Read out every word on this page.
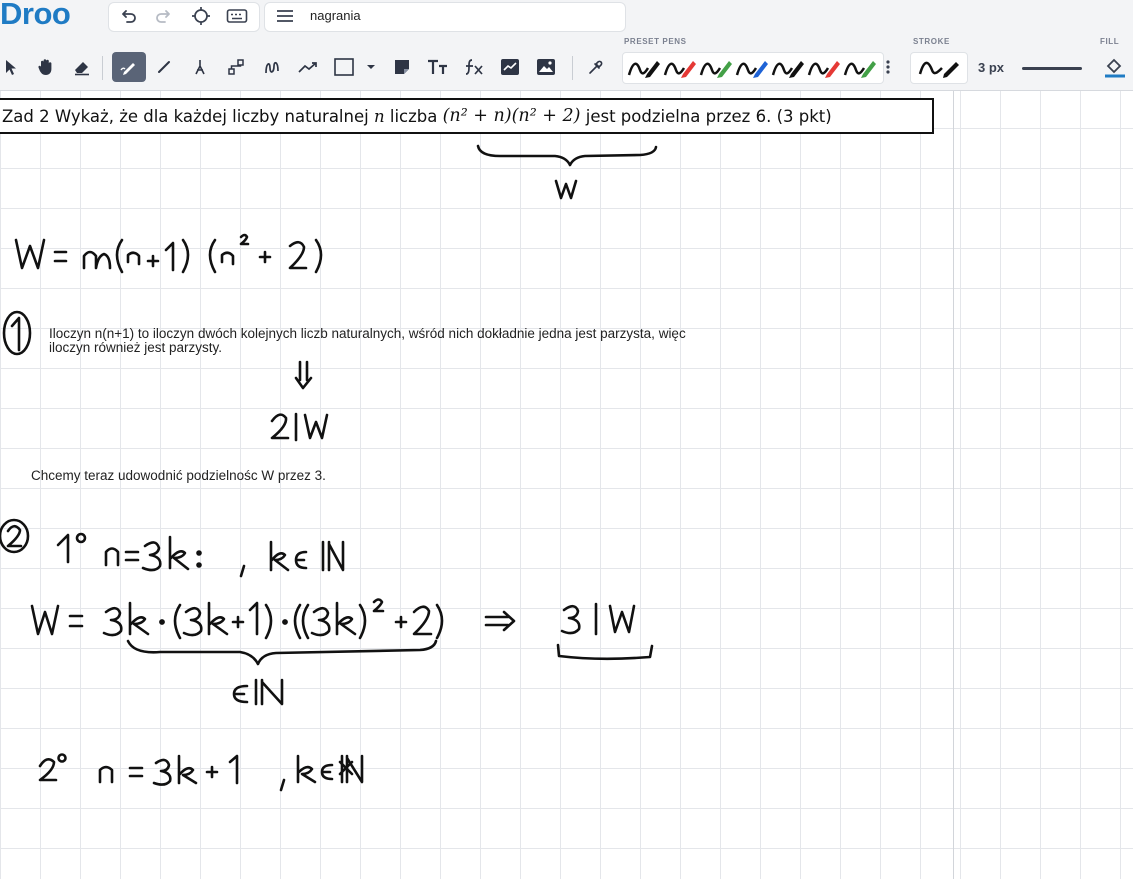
Droo	nagrania
PRESET PENS	STROKE	FILL
3 px
Zad 2 Wykaż, że dla każdej liczby naturalnej
n
liczba
(n² + n)(n² + 2)
jest podzielna przez 6. (3 pkt)
Iloczyn n(n+1) to iloczyn dwóch kolejnych liczb naturalnych, wśród nich dokładnie jedna jest parzysta, więc
iloczyn również jest parzysty.
Chcemy teraz udowodnić podzielnośc W przez 3.
